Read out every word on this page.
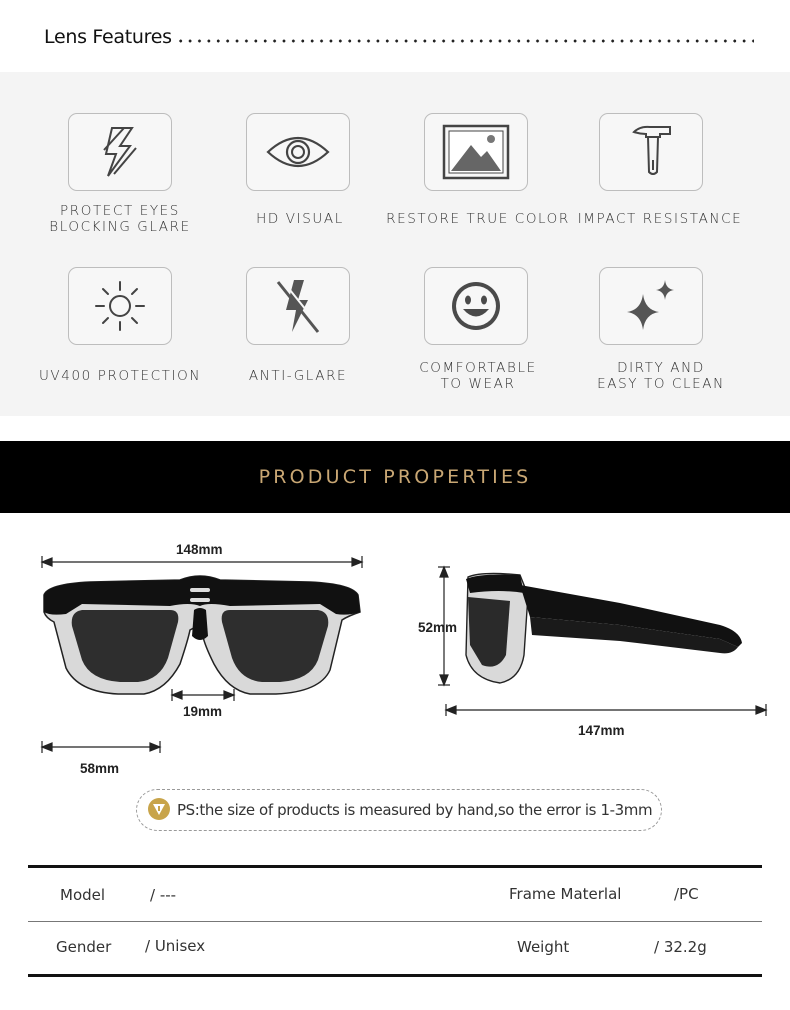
Lens Features
PROTECT EYES
BLOCKING GLARE	HD VISUAL	RESTORE TRUE COLOR IMPACT RESISTANCE
UV400 PROTECTION	ANTI-GLARE	COMFORTABLE
TO WEAR
DIRTY AND
EASY TO CLEAN
PRODUCT PROPERTIES
148mm
19mm
58mm
52mm
147mm
PS:the size of products is measured by hand,so the error is 1-3mm
Model	/ ---	Frame Materlal	/PC
Gender / Unisex	Weight	/ 32.2g
